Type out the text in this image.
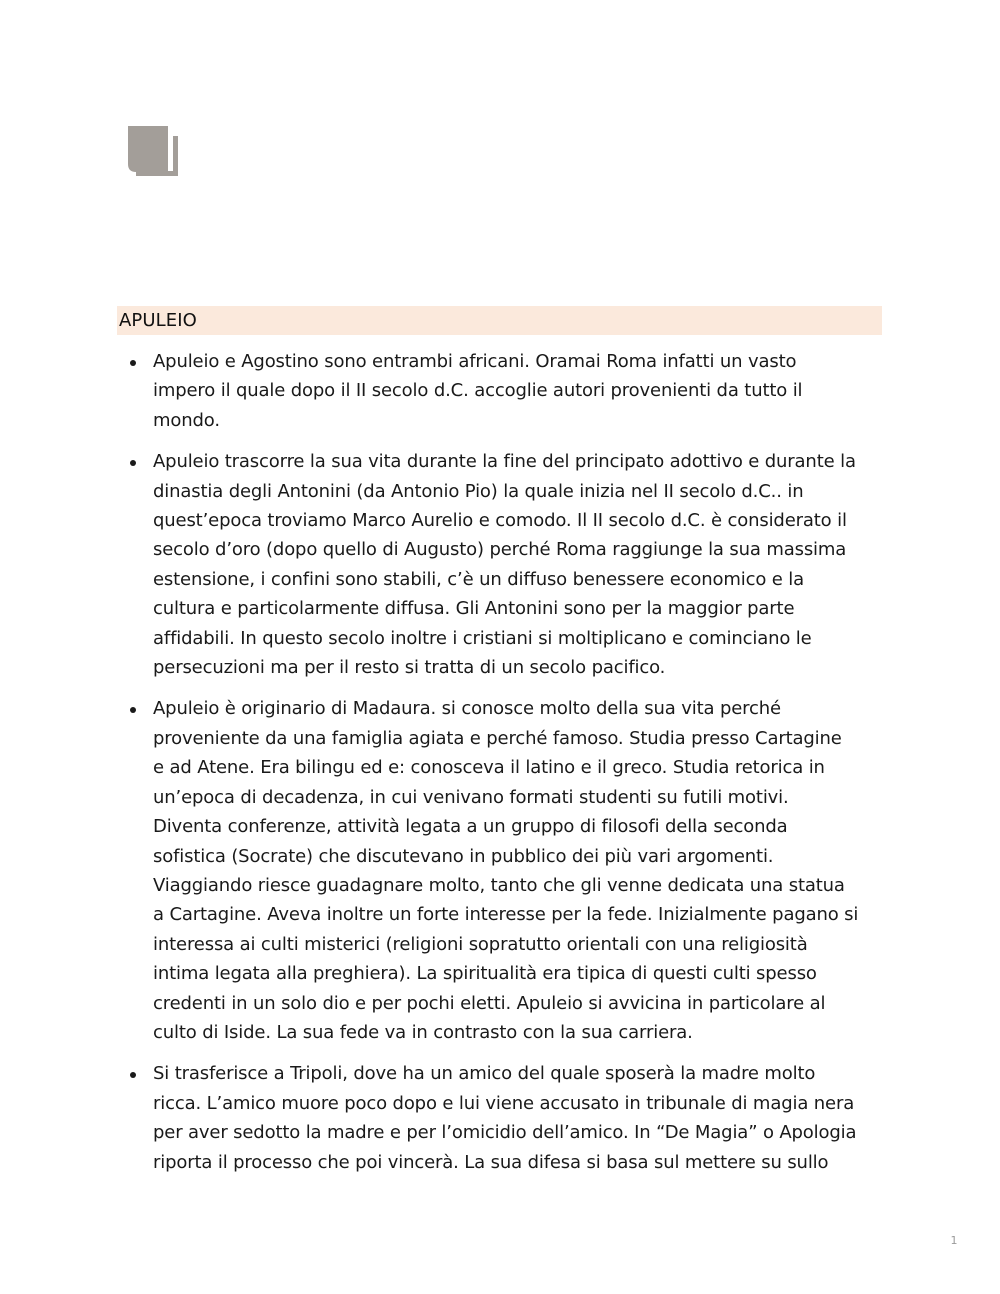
APULEIO
Apuleio e Agostino sono entrambi africani. Oramai Roma infatti un vasto
impero il quale dopo il II secolo d.C. accoglie autori provenienti da tutto il
mondo.
Apuleio trascorre la sua vita durante la fine del principato adottivo e durante la
dinastia degli Antonini (da Antonio Pio) la quale inizia nel II secolo d.C.. in
quest’epoca troviamo Marco Aurelio e comodo. Il II secolo d.C. è considerato il
secolo d’oro (dopo quello di Augusto) perché Roma raggiunge la sua massima
estensione, i confini sono stabili, c’è un diffuso benessere economico e la
cultura e particolarmente diffusa. Gli Antonini sono per la maggior parte
affidabili. In questo secolo inoltre i cristiani si moltiplicano e cominciano le
persecuzioni ma per il resto si tratta di un secolo pacifico.
Apuleio è originario di Madaura. si conosce molto della sua vita perché
proveniente da una famiglia agiata e perché famoso. Studia presso Cartagine
e ad Atene. Era bilingu ed e: conosceva il latino e il greco. Studia retorica in
un’epoca di decadenza, in cui venivano formati studenti su futili motivi.
Diventa conferenze, attività legata a un gruppo di filosofi della seconda
sofistica (Socrate) che discutevano in pubblico dei più vari argomenti.
Viaggiando riesce guadagnare molto, tanto che gli venne dedicata una statua
a Cartagine. Aveva inoltre un forte interesse per la fede. Inizialmente pagano si
interessa ai culti misterici (religioni sopratutto orientali con una religiosità
intima legata alla preghiera). La spiritualità era tipica di questi culti spesso
credenti in un solo dio e per pochi eletti. Apuleio si avvicina in particolare al
culto di Iside. La sua fede va in contrasto con la sua carriera.
Si trasferisce a Tripoli, dove ha un amico del quale sposerà la madre molto
ricca. L’amico muore poco dopo e lui viene accusato in tribunale di magia nera
per aver sedotto la madre e per l’omicidio dell’amico. In “De Magia” o Apologia
riporta il processo che poi vincerà. La sua difesa si basa sul mettere su sullo
1
